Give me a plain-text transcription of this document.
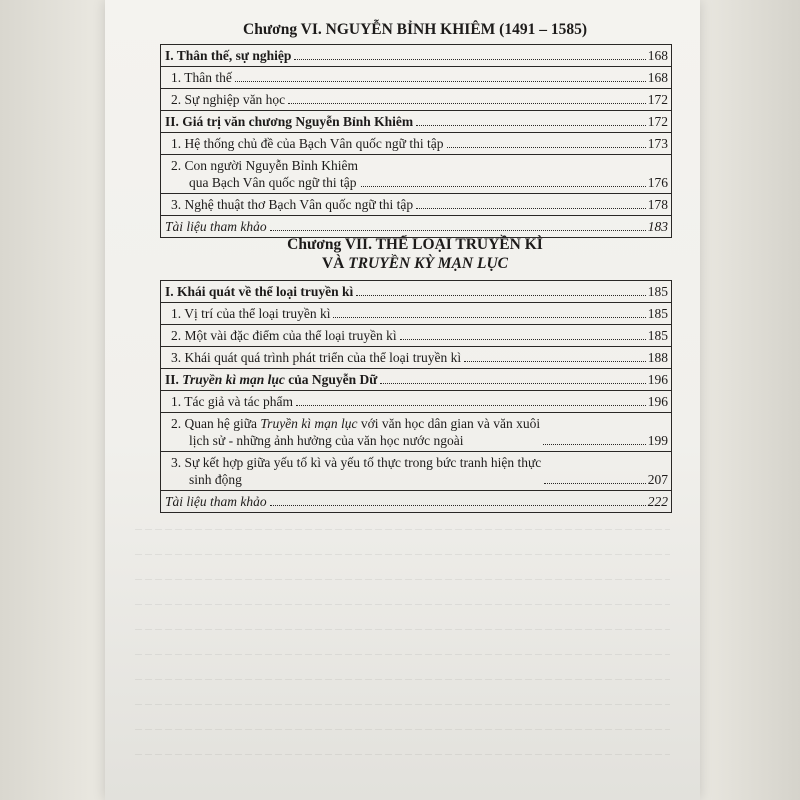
Chương VI. NGUYỄN BỈNH KHIÊM (1491 – 1585)
I. Thân thế, sự nghiệp	168
1. Thân thế	168
2. Sự nghiệp văn học	172
II. Giá trị văn chương Nguyễn Bỉnh Khiêm	172
1. Hệ thống chủ đề của Bạch Vân quốc ngữ thi tập	173
2. Con người Nguyễn Bỉnh Khiêm
qua Bạch Vân quốc ngữ thi tập	176
3. Nghệ thuật thơ Bạch Vân quốc ngữ thi tập	178
Tài liệu tham khảo	183
Chương VII. THỂ LOẠI TRUYỀN KÌ
VÀ TRUYỀN KỲ MẠN LỤC
I. Khái quát về thể loại truyền kì	185
1. Vị trí của thể loại truyền kì	185
2. Một vài đặc điểm của thể loại truyền kì	185
3. Khái quát quá trình phát triển của thể loại truyền kì	188
II. Truyền kì mạn lục của Nguyễn Dữ	196
1. Tác giả và tác phẩm	196
2. Quan hệ giữa Truyền kì mạn lục với văn học dân gian và văn xuôi
lịch sử - những ảnh hưởng của văn học nước ngoài	199
3. Sự kết hợp giữa yếu tố kì và yếu tố thực trong bức tranh hiện thực
sinh động	207
Tài liệu tham khảo	222
